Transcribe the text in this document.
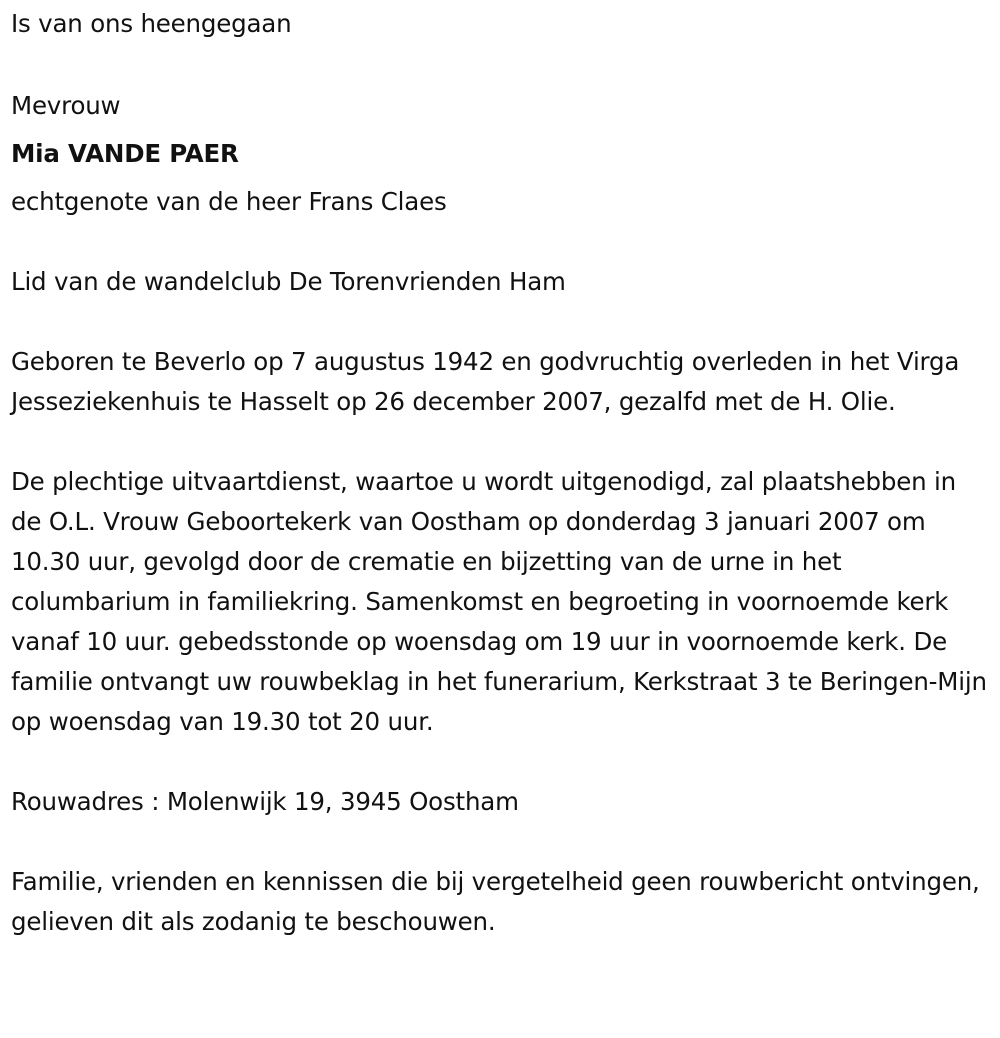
Is van ons heengegaan

Mevrouw

Mia VANDE PAER

echtgenote van de heer Frans Claes

Lid van de wandelclub De Torenvrienden Ham

Geboren te Beverlo op 7 augustus 1942 en godvruchtig overleden in het Virga Jesseziekenhuis te Hasselt op 26 december 2007, gezalfd met de H. Olie.

De plechtige uitvaartdienst, waartoe u wordt uitgenodigd, zal plaatshebben in de O.L. Vrouw Geboortekerk van Oostham op donderdag 3 januari 2007 om 10.30 uur, gevolgd door de crematie en bijzetting van de urne in het columbarium in familiekring. Samenkomst en begroeting in voornoemde kerk vanaf 10 uur. gebedsstonde op woensdag om 19 uur in voornoemde kerk. De familie ontvangt uw rouwbeklag in het funerarium, Kerkstraat 3 te Beringen-Mijn op woensdag van 19.30 tot 20 uur.

Rouwadres : Molenwijk 19, 3945 Oostham

Familie, vrienden en kennissen die bij vergetelheid geen rouwbericht ontvingen, gelieven dit als zodanig te beschouwen.
